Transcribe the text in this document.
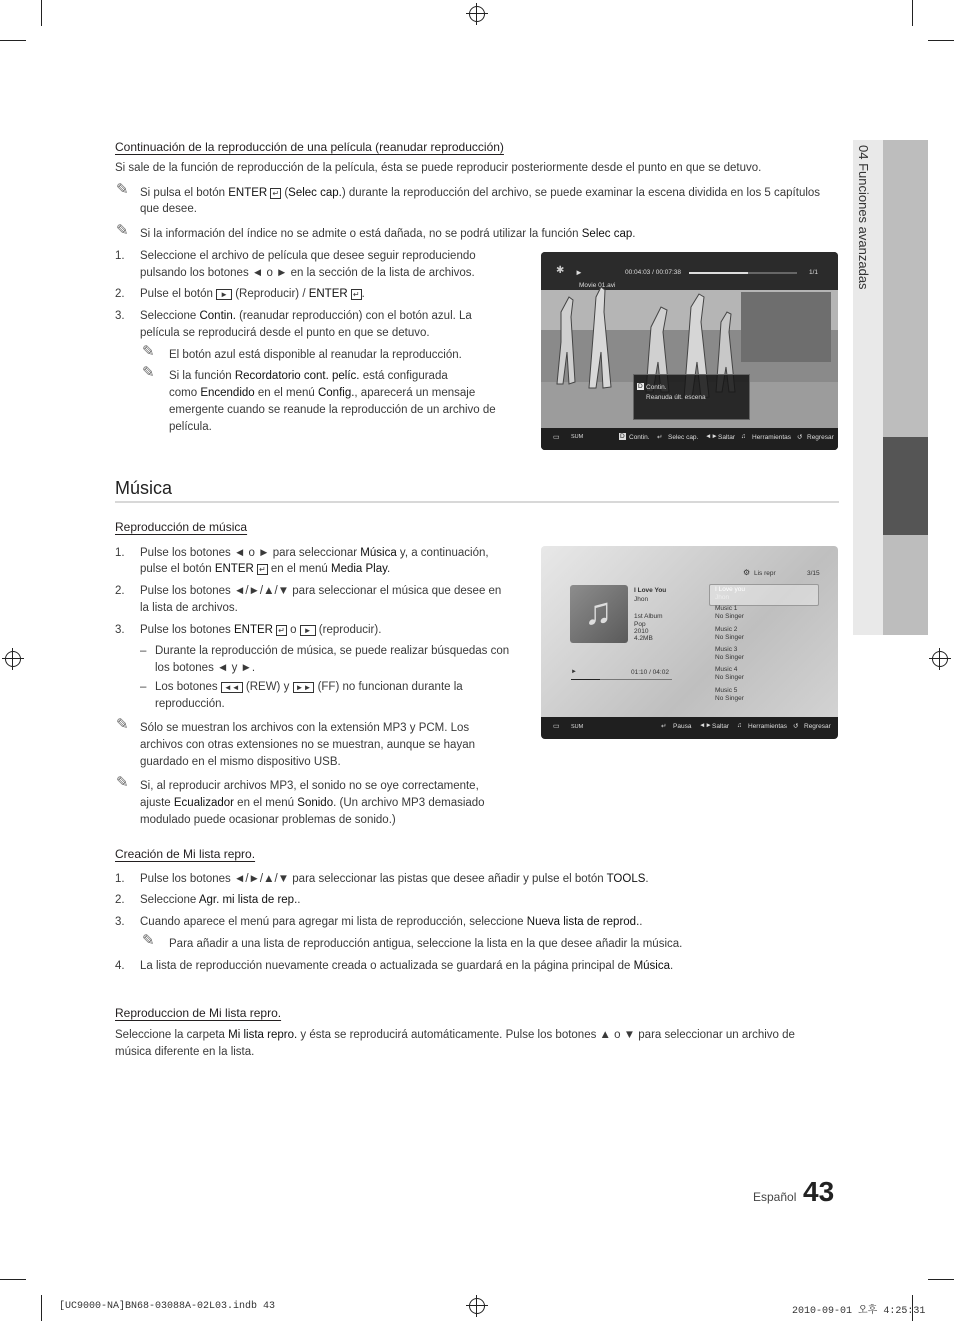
04 Funciones avanzadas
Continuación de la reproducción de una película (reanudar reproducción)
Si sale de la función de reproducción de la película, ésta se puede reproducir posteriormente desde el punto en que se detuvo.
✎ Si pulsa el botón ENTER ↵ (Selec cap.) durante la reproducción del archivo, se puede examinar la escena dividida en los 5 capítulos
que desee.
✎ Si la información del índice no se admite o está dañada, no se podrá utilizar la función Selec cap.
1. Seleccione el archivo de película que desee seguir reproduciendo
pulsando los botones ◄ o ► en la sección de la lista de archivos.
2. Pulse el botón ► (Reproducir) / ENTER ↵ .
3. Seleccione Contin. (reanudar reproducción) con el botón azul. La
película se reproducirá desde el punto en que se detuvo.
✎ El botón azul está disponible al reanudar la reproducción.
✎ Si la función Recordatorio cont. pelíc. está configurada
como Encendido en el menú Config., aparecerá un mensaje
emergente cuando se reanude la reproducción de un archivo de
película.
►
✱	00:04:03 / 00:07:38	1/1
Movie 01.avi
D Contin.
Reanuda últ. escena
▭ SUM	D Contin. ↵ Selec cap. ◄► Saltar ♫ Herramientas ↺ Regresar
Música
Reproducción de música
1. Pulse los botones ◄ o ► para seleccionar Música y, a continuación,
pulse el botón ENTER ↵ en el menú Media Play.
2. Pulse los botones ◄/►/▲/▼ para seleccionar el música que desee en
la lista de archivos.
3. Pulse los botones ENTER ↵ o ► (reproducir).
– Durante la reproducción de música, se puede realizar búsquedas con
los botones ◄ y ►.
– Los botones ◄◄ (REW) y ►► (FF) no funcionan durante la
reproducción.
✎ Sólo se muestran los archivos con la extensión MP3 y PCM. Los
archivos con otras extensiones no se muestran, aunque se hayan
guardado en el mismo dispositivo USB.
✎ Si, al reproducir archivos MP3, el sonido no se oye correctamente,
ajuste Ecualizador en el menú Sonido. (Un archivo MP3 demasiado
modulado puede ocasionar problemas de sonido.)
⚙ Lis repr	3/15
♫
I Love You
Jhon
1st Album
Pop
2010
4.2MB
►	01:10 / 04:02
I Love you
Jhon
Music 1
No Singer
Music 2
No Singer
Music 3
No Singer
Music 4
No Singer
Music 5
No Singer
▭ SUM	↵ Pausa ◄► Saltar ♫ Herramientas ↺ Regresar
Creación de Mi lista repro.
1. Pulse los botones ◄/►/▲/▼ para seleccionar las pistas que desee añadir y pulse el botón TOOLS.
2. Seleccione Agr. mi lista de rep..
3. Cuando aparece el menú para agregar mi lista de reproducción, seleccione Nueva lista de reprod..
✎ Para añadir a una lista de reproducción antigua, seleccione la lista en la que desee añadir la música.
4. La lista de reproducción nuevamente creada o actualizada se guardará en la página principal de Música.
Reproduccion de Mi lista repro.
Seleccione la carpeta Mi lista repro. y ésta se reproducirá automáticamente. Pulse los botones ▲ o ▼ para seleccionar un archivo de
música diferente en la lista.
Español 43
[UC9000-NA]BN68-03088A-02L03.indb 43	2010-09-01 오후 4:25:31
